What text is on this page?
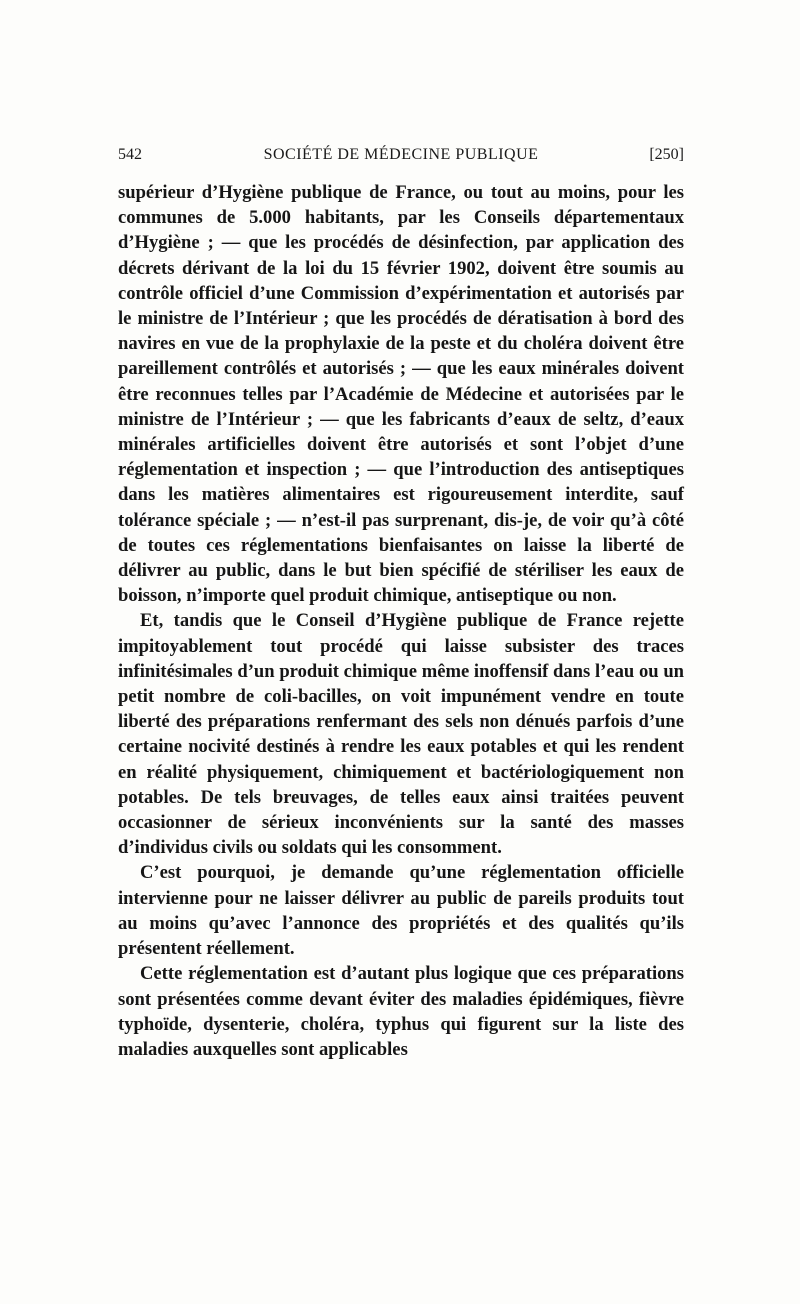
542	SOCIÉTÉ DE MÉDECINE PUBLIQUE	[250]

supérieur d’Hygiène publique de France, ou tout au moins, pour les communes de 5.000 habitants, par les Conseils départementaux d’Hygiène ; — que les procédés de désinfection, par application des décrets dérivant de la loi du 15 février 1902, doivent être soumis au contrôle officiel d’une Commission d’expérimentation et autorisés par le ministre de l’Intérieur ; que les procédés de dératisation à bord des navires en vue de la prophylaxie de la peste et du choléra doivent être pareillement contrôlés et autorisés ; — que les eaux minérales doivent être reconnues telles par l’Académie de Médecine et autorisées par le ministre de l’Intérieur ; — que les fabricants d’eaux de seltz, d’eaux minérales artificielles doivent être autorisés et sont l’objet d’une réglementation et inspection ; — que l’introduction des antiseptiques dans les matières alimentaires est rigoureusement interdite, sauf tolérance spéciale ; — n’est-il pas surprenant, dis-je, de voir qu’à côté de toutes ces réglementations bienfaisantes on laisse la liberté de délivrer au public, dans le but bien spécifié de stériliser les eaux de boisson, n’importe quel produit chimique, antiseptique ou non.

Et, tandis que le Conseil d’Hygiène publique de France rejette impitoyablement tout procédé qui laisse subsister des traces infinitésimales d’un produit chimique même inoffensif dans l’eau ou un petit nombre de coli-bacilles, on voit impunément vendre en toute liberté des préparations renfermant des sels non dénués parfois d’une certaine nocivité destinés à rendre les eaux potables et qui les rendent en réalité physiquement, chimiquement et bactériologiquement non potables. De tels breuvages, de telles eaux ainsi traitées peuvent occasionner de sérieux inconvénients sur la santé des masses d’individus civils ou soldats qui les consomment.

C’est pourquoi, je demande qu’une réglementation officielle intervienne pour ne laisser délivrer au public de pareils produits tout au moins qu’avec l’annonce des propriétés et des qualités qu’ils présentent réellement.

Cette réglementation est d’autant plus logique que ces préparations sont présentées comme devant éviter des maladies épidémiques, fièvre typhoïde, dysenterie, choléra, typhus qui figurent sur la liste des maladies auxquelles sont applicables
